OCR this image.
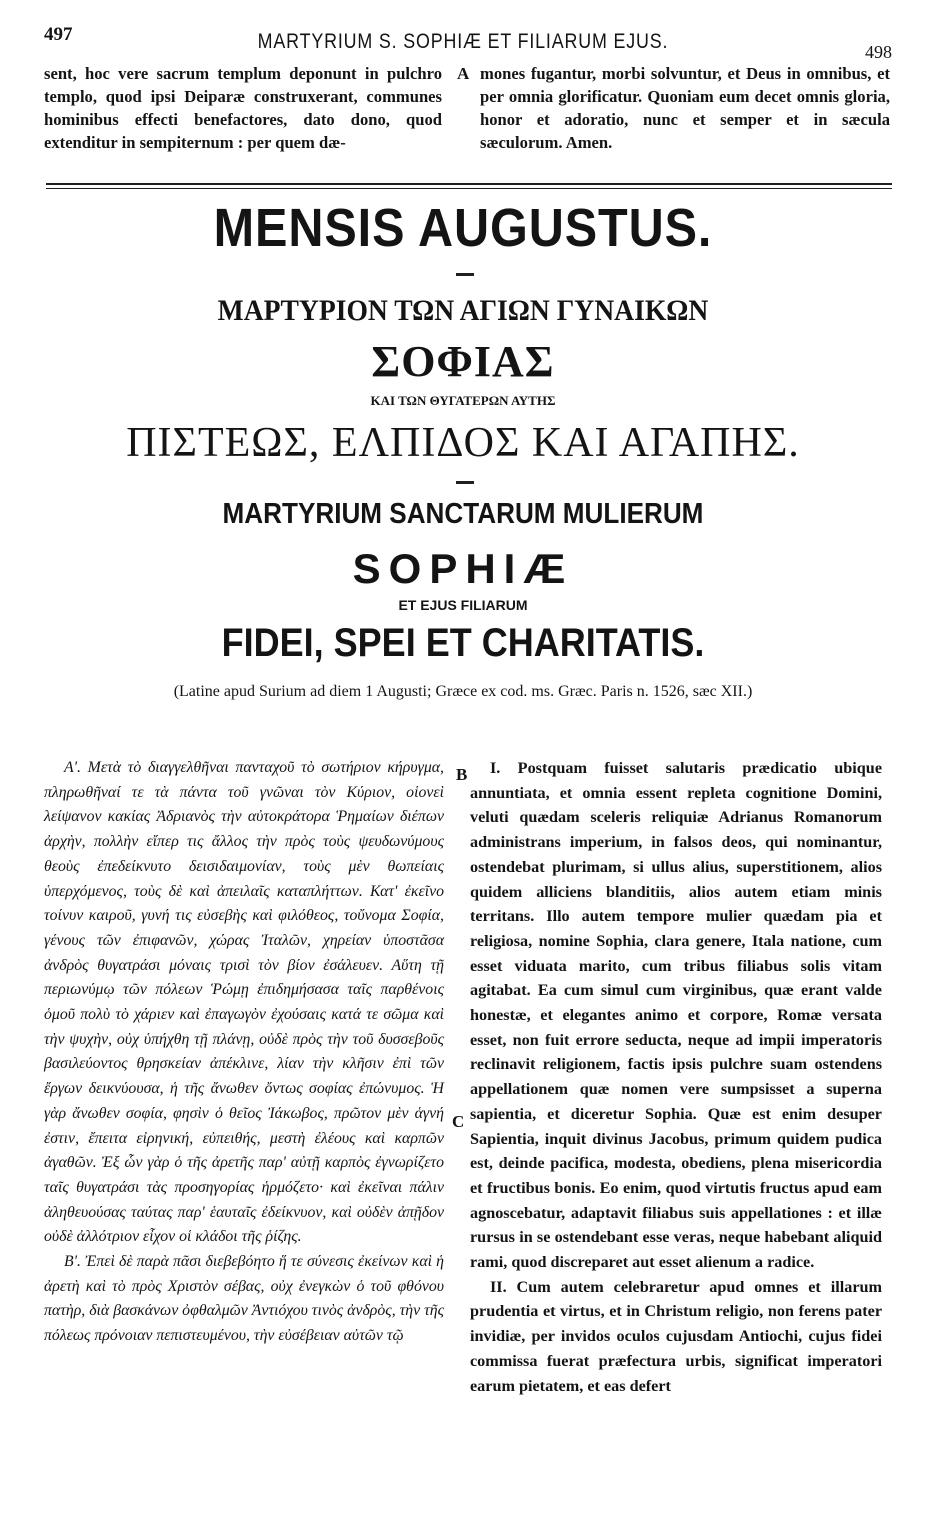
497	MARTYRIUM S. SOPHIÆ ET FILIARUM EJUS.	498
sent, hoc vere sacrum templum deponunt in pulchro templo, quod ipsi Deiparæ construxerant, communes hominibus effecti benefactores, dato dono, quod extenditur in sempiternum : per quem dæ-
A mones fugantur, morbi solvuntur, et Deus in omnibus, et per omnia glorificatur. Quoniam eum decet omnis gloria, honor et adoratio, nunc et semper et in sæcula sæculorum. Amen.
MENSIS AUGUSTUS.
ΜΑΡΤΥΡΙΟΝ ΤΩΝ ΑΓΙΩΝ ΓΥΝΑΙΚΩΝ
ΣΟΦΙΑΣ
ΚΑΙ ΤΩΝ ΘΥΓΑΤΕΡΩΝ ΑΥΤΗΣ
ΠΙΣΤΕΩΣ, ΕΛΠΙΔΟΣ ΚΑΙ ΑΓΑΠΗΣ.
MARTYRIUM SANCTARUM MULIERUM
SOPHIÆ
ET EJUS FILIARUM
FIDEI, SPEI ET CHARITATIS.
(Latine apud Surium ad diem 1 Augusti; Græce ex cod. ms. Græc. Paris n. 1526, sæc XII.)

Α'. Μετὰ τὸ διαγγελθῆναι πανταχοῦ τὸ σωτήριον κήρυγμα, πληρωθῆναί τε τὰ πάντα τοῦ γνῶναι τὸν Κύριον, οἱονεὶ λείψανον κακίας Ἀδριανὸς τὴν αὐτοκράτορα Ῥημαίων διέπων ἀρχὴν, πολλὴν εἴπερ τις ἄλλος τὴν πρὸς τοὺς ψευδωνύμους θεοὺς ἐπεδείκνυτο δεισιδαιμονίαν, τοὺς μὲν θωπείαις ὑπερχόμενος, τοὺς δὲ καὶ ἀπειλαῖς καταπλήττων. Κατ' ἐκεῖνο τοίνυν καιροῦ, γυνή τις εὐσεβὴς καὶ φιλόθεος, τοὔνομα Σοφία, γένους τῶν ἐπιφανῶν, χώρας Ἰταλῶν, χηρείαν ὑποστᾶσα ἀνδρὸς θυγατράσι μόναις τρισὶ τὸν βίον ἐσάλευεν. Αὕτη τῇ περιωνύμῳ τῶν πόλεων Ῥώμῃ ἐπιδημήσασα ταῖς παρθένοις ὁμοῦ πολὺ τὸ χάριεν καὶ ἐπαγωγὸν ἐχούσαις κατά τε σῶμα καὶ τὴν ψυχὴν, οὐχ ὑπήχθη τῇ πλάνῃ, οὐδὲ πρὸς τὴν τοῦ δυσσεβοῦς βασιλεύοντος θρησκείαν ἀπέκλινε, λίαν τὴν κλῆσιν ἐπὶ τῶν ἔργων δεικνύουσα, ἡ τῆς ἄνωθεν ὄντως σοφίας ἐπώνυμος. Ἡ γὰρ ἄνωθεν σοφία, φησὶν ὁ θεῖος Ἰάκωβος, πρῶτον μὲν ἁγνή ἐστιν, ἔπειτα εἰρηνική, εὐπειθής, μεστὴ ἐλέους καὶ καρπῶν ἀγαθῶν. Ἐξ ὧν γὰρ ὁ τῆς ἀρετῆς παρ' αὐτῇ καρπὸς ἐγνωρίζετο ταῖς θυγατράσι τὰς προσηγορίας ἡρμόζετο· καὶ ἐκεῖναι πάλιν ἀληθευούσας ταύτας παρ' ἑαυταῖς ἐδείκνυον, καὶ οὐδὲν ἀπῇδον οὐδὲ ἀλλότριον εἶχον οἱ κλάδοι τῆς ῥίζης.

Β'. Ἐπεὶ δὲ παρὰ πᾶσι διεβεβόητο ἥ τε σύνεσις ἐκείνων καὶ ἡ ἀρετὴ καὶ τὸ πρὸς Χριστὸν σέβας, οὐχ ἐνεγκὼν ὁ τοῦ φθόνου πατὴρ, διὰ βασκάνων ὀφθαλμῶν Ἀντιόχου τινὸς ἀνδρὸς, τὴν τῆς πόλεως πρόνοιαν πεπιστευμένου, τὴν εὐσέβειαν αὐτῶν τῷ

B
C

I. Postquam fuisset salutaris prædicatio ubique annuntiata, et omnia essent repleta cognitione Domini, veluti quædam sceleris reliquiæ Adrianus Romanorum administrans imperium, in falsos deos, qui nominantur, ostendebat plurimam, si ullus alius, superstitionem, alios quidem alliciens blanditiis, alios autem etiam minis territans. Illo autem tempore mulier quædam pia et religiosa, nomine Sophia, clara genere, Itala natione, cum esset viduata marito, cum tribus filiabus solis vitam agitabat. Ea cum simul cum virginibus, quæ erant valde honestæ, et elegantes animo et corpore, Romæ versata esset, non fuit errore seducta, neque ad impii imperatoris reclinavit religionem, factis ipsis pulchre suam ostendens appellationem quæ nomen vere sumpsisset a superna sapientia, et diceretur Sophia. Quæ est enim desuper Sapientia, inquit divinus Jacobus, primum quidem pudica est, deinde pacifica, modesta, obediens, plena misericordia et fructibus bonis. Eo enim, quod virtutis fructus apud eam agnoscebatur, adaptavit filiabus suis appellationes : et illæ rursus in se ostendebant esse veras, neque habebant aliquid rami, quod discreparet aut esset alienum a radice.

II. Cum autem celebraretur apud omnes et illarum prudentia et virtus, et in Christum religio, non ferens pater invidiæ, per invidos oculos cujusdam Antiochi, cujus fidei commissa fuerat præfectura urbis, significat imperatori earum pietatem, et eas defert
